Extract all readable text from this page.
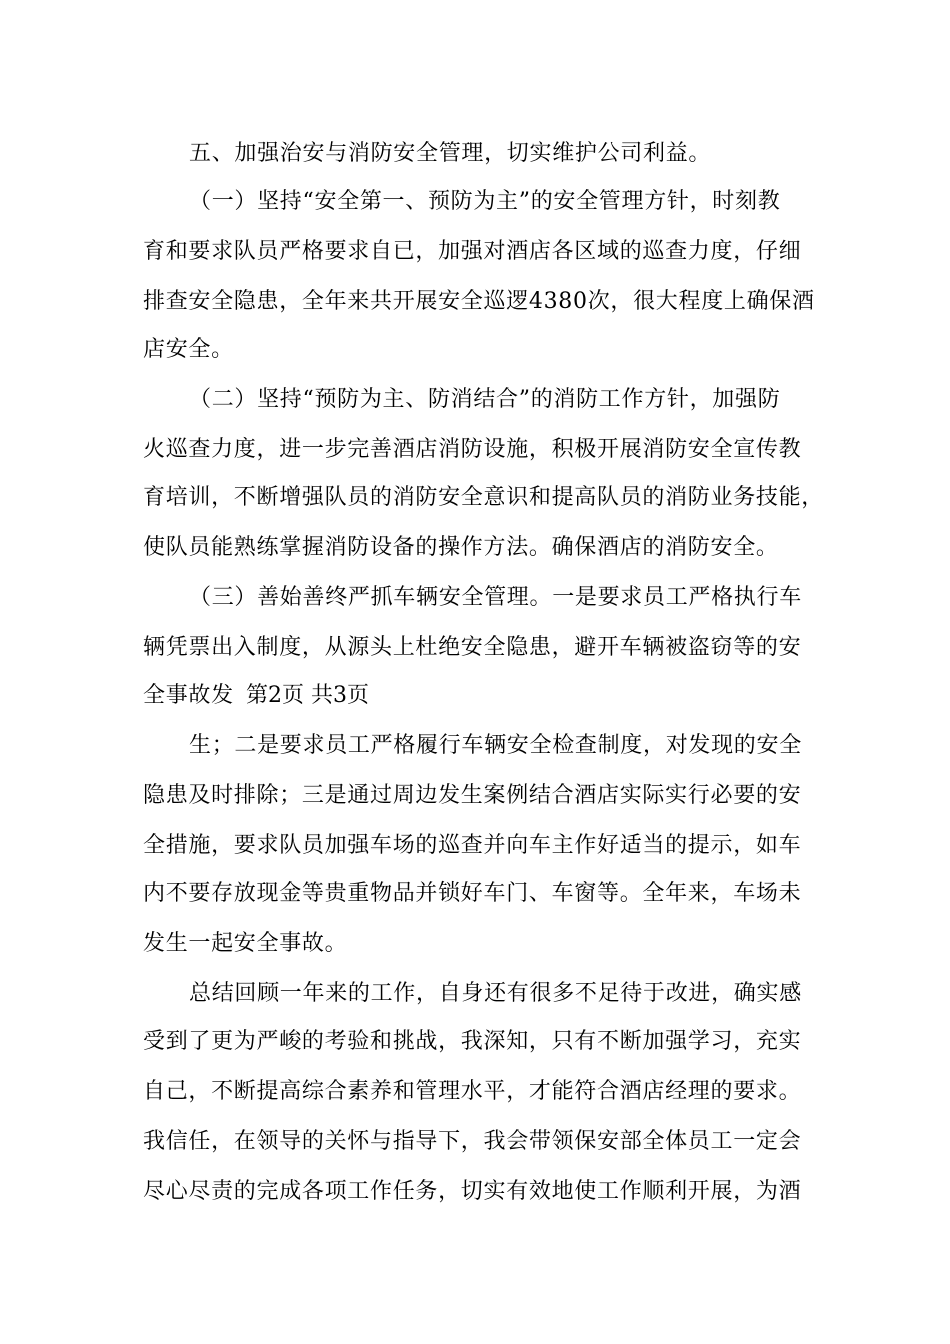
五、加强治安与消防安全管理，切实维护公司利益。
（一）坚持“安全第一、预防为主”的安全管理方针，时刻教
育和要求队员严格要求自已，加强对酒店各区域的巡查力度，仔细
排查安全隐患，全年来共开展安全巡逻4380次，很大程度上确保酒
店安全。
（二）坚持“预防为主、防消结合”的消防工作方针，加强防
火巡查力度，进一步完善酒店消防设施，积极开展消防安全宣传教
育培训，不断增强队员的消防安全意识和提高队员的消防业务技能，
使队员能熟练掌握消防设备的操作方法。确保酒店的消防安全。
（三）善始善终严抓车辆安全管理。一是要求员工严格执行车
辆凭票出入制度，从源头上杜绝安全隐患，避开车辆被盗窃等的安
全事故发 第2页 共3页
生；二是要求员工严格履行车辆安全检查制度，对发现的安全
隐患及时排除；三是通过周边发生案例结合酒店实际实行必要的安
全措施，要求队员加强车场的巡查并向车主作好适当的提示，如车
内不要存放现金等贵重物品并锁好车门、车窗等。全年来，车场未
发生一起安全事故。
总结回顾一年来的工作，自身还有很多不足待于改进，确实感
受到了更为严峻的考验和挑战，我深知，只有不断加强学习，充实
自己，不断提高综合素养和管理水平，才能符合酒店经理的要求。
我信任，在领导的关怀与指导下，我会带领保安部全体员工一定会
尽心尽责的完成各项工作任务，切实有效地使工作顺利开展，为酒
